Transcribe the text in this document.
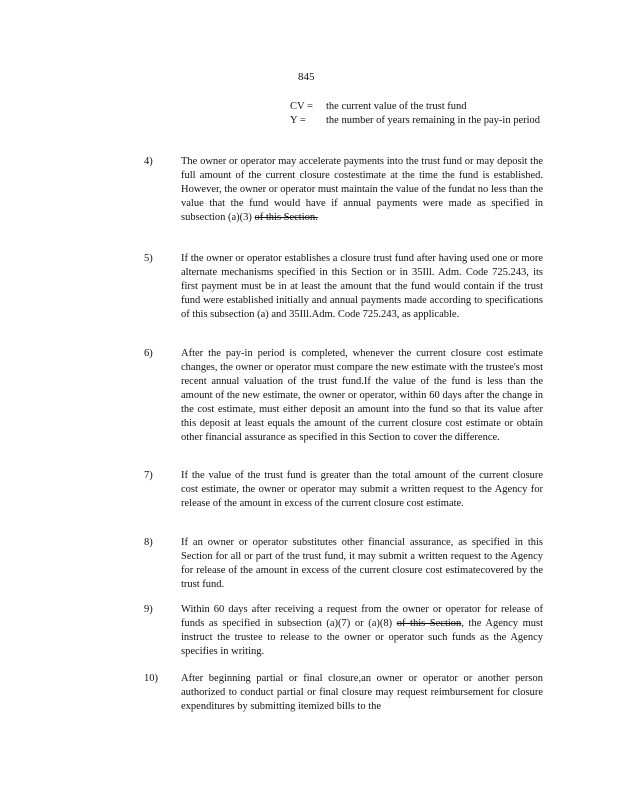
845
CV =	the current value of the trust fund
Y =	the number of years remaining in the pay-in period
4)	The owner or operator may accelerate payments into the trust fund or may deposit the full amount of the current closure costestimate at the time the fund is established. However, the owner or operator must maintain the value of the fundat no less than the value that the fund would have if annual payments were made as specified in subsection (a)(3) of this Section.
5)	If the owner or operator establishes a closure trust fund after having used one or more alternate mechanisms specified in this Section or in 35Ill. Adm. Code 725.243, its first payment must be in at least the amount that the fund would contain if the trust fund were established initially and annual payments made according to specifications of this subsection (a) and 35Ill.Adm. Code 725.243, as applicable.
6)	After the pay-in period is completed, whenever the current closure cost estimate changes, the owner or operator must compare the new estimate with the trustee's most recent annual valuation of the trust fund.If the value of the fund is less than the amount of the new estimate, the owner or operator, within 60 days after the change in the cost estimate, must either deposit an amount into the fund so that its value after this deposit at least equals the amount of the current closure cost estimate or obtain other financial assurance as specified in this Section to cover the difference.
7)	If the value of the trust fund is greater than the total amount of the current closure cost estimate, the owner or operator may submit a written request to the Agency for release of the amount in excess of the current closure cost estimate.
8)	If an owner or operator substitutes other financial assurance, as specified in this Section for all or part of the trust fund, it may submit a written request to the Agency for release of the amount in excess of the current closure cost estimatecovered by the trust fund.
9)	Within 60 days after receiving a request from the owner or operator for release of funds as specified in subsection (a)(7) or (a)(8) of this Section, the Agency must instruct the trustee to release to the owner or operator such funds as the Agency specifies in writing.
10)	After beginning partial or final closure,an owner or operator or another person authorized to conduct partial or final closure may request reimbursement for closure expenditures by submitting itemized bills to the
